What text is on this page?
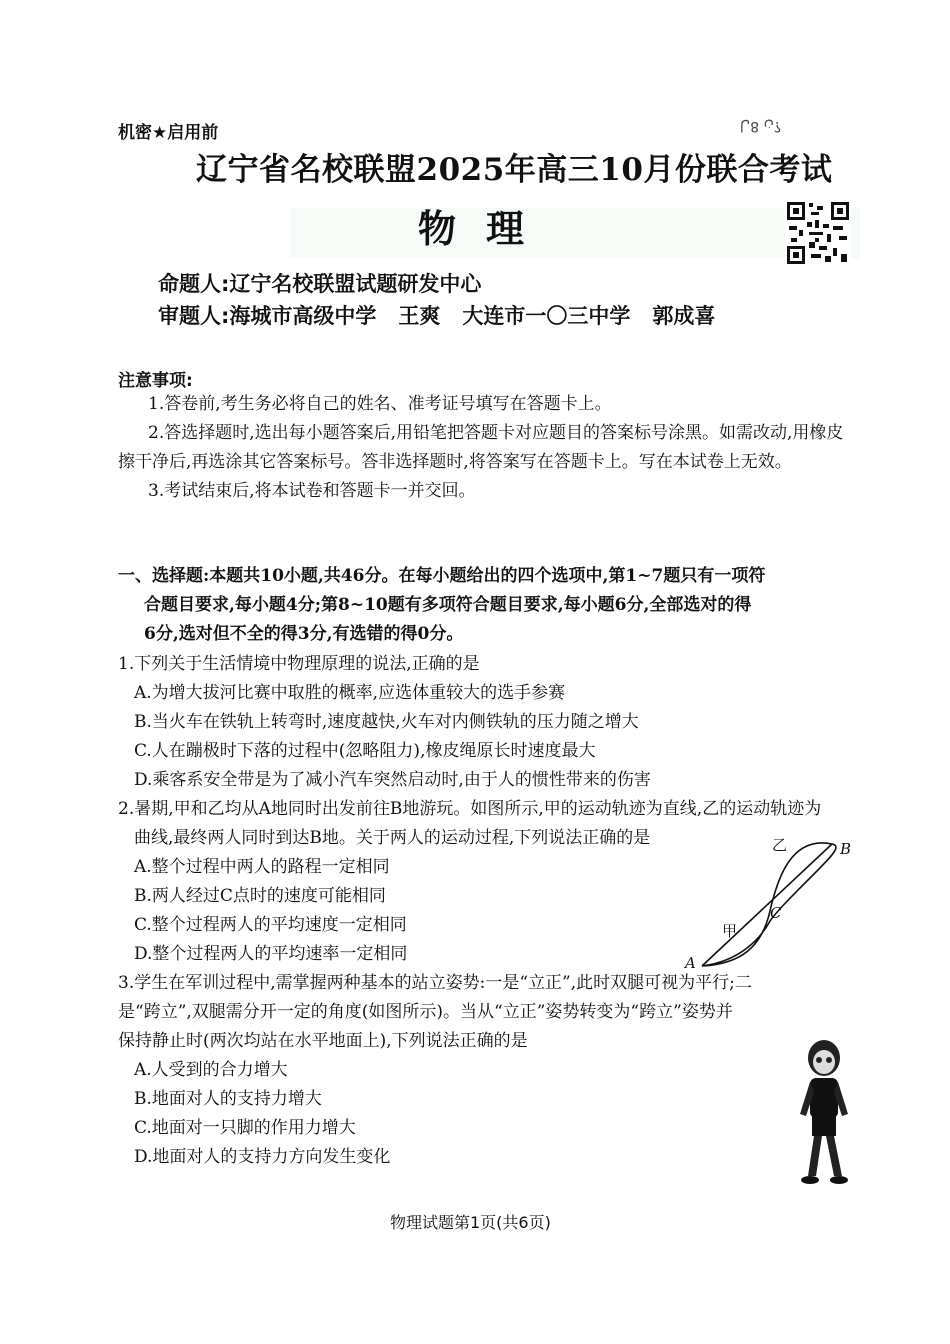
机密★启用前	ل8 ن؟
辽宁省名校联盟2025年高三10月份联合考试
物理
命题人:辽宁名校联盟试题研发中心
审题人:海城市高级中学 王爽 大连市一〇三中学 郭成喜
注意事项:

1.答卷前,考生务必将自己的姓名、准考证号填写在答题卡上。

2.答选择题时,选出每小题答案后,用铅笔把答题卡对应题目的答案标号涂黑。如需改动,用橡皮擦干净后,再选涂其它答案标号。答非选择题时,将答案写在答题卡上。写在本试卷上无效。

3.考试结束后,将本试卷和答题卡一并交回。

一、选择题:本题共10小题,共46分。在每小题给出的四个选项中,第1~7题只有一项符
合题目要求,每小题4分;第8~10题有多项符合题目要求,每小题6分,全部选对的得
6分,选对但不全的得3分,有选错的得0分。
1.下列关于生活情境中物理原理的说法,正确的是
A.为增大拔河比赛中取胜的概率,应选体重较大的选手参赛
B.当火车在铁轨上转弯时,速度越快,火车对内侧铁轨的压力随之增大
C.人在蹦极时下落的过程中(忽略阻力),橡皮绳原长时速度最大
D.乘客系安全带是为了减小汽车突然启动时,由于人的惯性带来的伤害
2.暑期,甲和乙均从A地同时出发前往B地游玩。如图所示,甲的运动轨迹为直线,乙的运动轨迹为
曲线,最终两人同时到达B地。关于两人的运动过程,下列说法正确的是
A.整个过程中两人的路程一定相同
B.两人经过C点时的速度可能相同
C.整个过程两人的平均速度一定相同
D.整个过程两人的平均速率一定相同
3.学生在军训过程中,需掌握两种基本的站立姿势:一是“立正”,此时双腿可视为平行;二
是“跨立”,双腿需分开一定的角度(如图所示)。当从“立正”姿势转变为“跨立”姿势并
保持静止时(两次均站在水平地面上),下列说法正确的是
A.人受到的合力增大
B.地面对人的支持力增大
C.地面对一只脚的作用力增大
D.地面对人的支持力方向发生变化
乙	B
C
甲
A
物理试题第1页(共6页)
